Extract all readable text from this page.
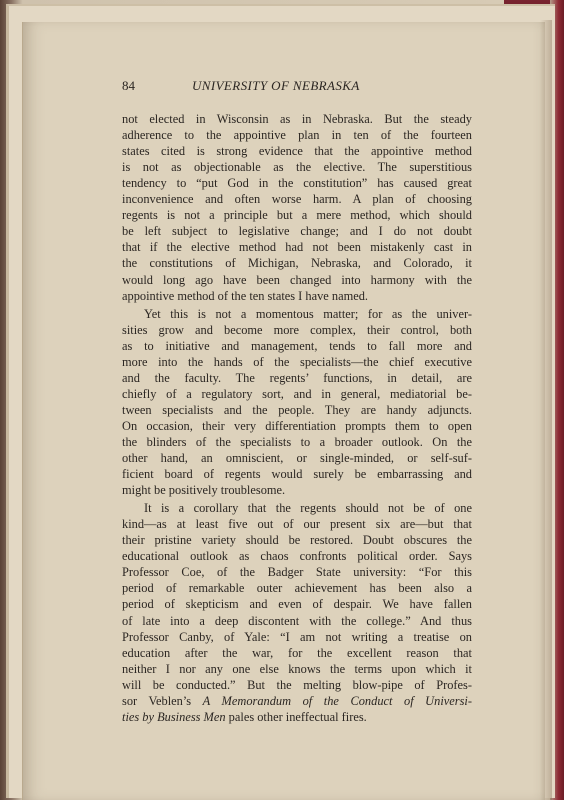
84	UNIVERSITY OF NEBRASKA

not elected in Wisconsin as in Nebraska. But the steady
adherence to the appointive plan in ten of the fourteen
states cited is strong evidence that the appointive method
is not as objectionable as the elective. The superstitious
tendency to “put God in the constitution” has caused great
inconvenience and often worse harm. A plan of choosing
regents is not a principle but a mere method, which should
be left subject to legislative change; and I do not doubt
that if the elective method had not been mistakenly cast in
the constitutions of Michigan, Nebraska, and Colorado, it
would long ago have been changed into harmony with the
appointive method of the ten states I have named.

Yet this is not a momentous matter; for as the univer-
sities grow and become more complex, their control, both
as to initiative and management, tends to fall more and
more into the hands of the specialists—the chief executive
and the faculty. The regents’ functions, in detail, are
chiefly of a regulatory sort, and in general, mediatorial be-
tween specialists and the people. They are handy adjuncts.
On occasion, their very differentiation prompts them to open
the blinders of the specialists to a broader outlook. On the
other hand, an omniscient, or single-minded, or self-suf-
ficient board of regents would surely be embarrassing and
might be positively troublesome.

It is a corollary that the regents should not be of one
kind—as at least five out of our present six are—but that
their pristine variety should be restored. Doubt obscures the
educational outlook as chaos confronts political order. Says
Professor Coe, of the Badger State university: “For this
period of remarkable outer achievement has been also a
period of skepticism and even of despair. We have fallen
of late into a deep discontent with the college.” And thus
Professor Canby, of Yale: “I am not writing a treatise on
education after the war, for the excellent reason that
neither I nor any one else knows the terms upon which it
will be conducted.” But the melting blow-pipe of Profes-
sor Veblen’s A Memorandum of the Conduct of Universi-
ties by Business Men pales other ineffectual fires.
